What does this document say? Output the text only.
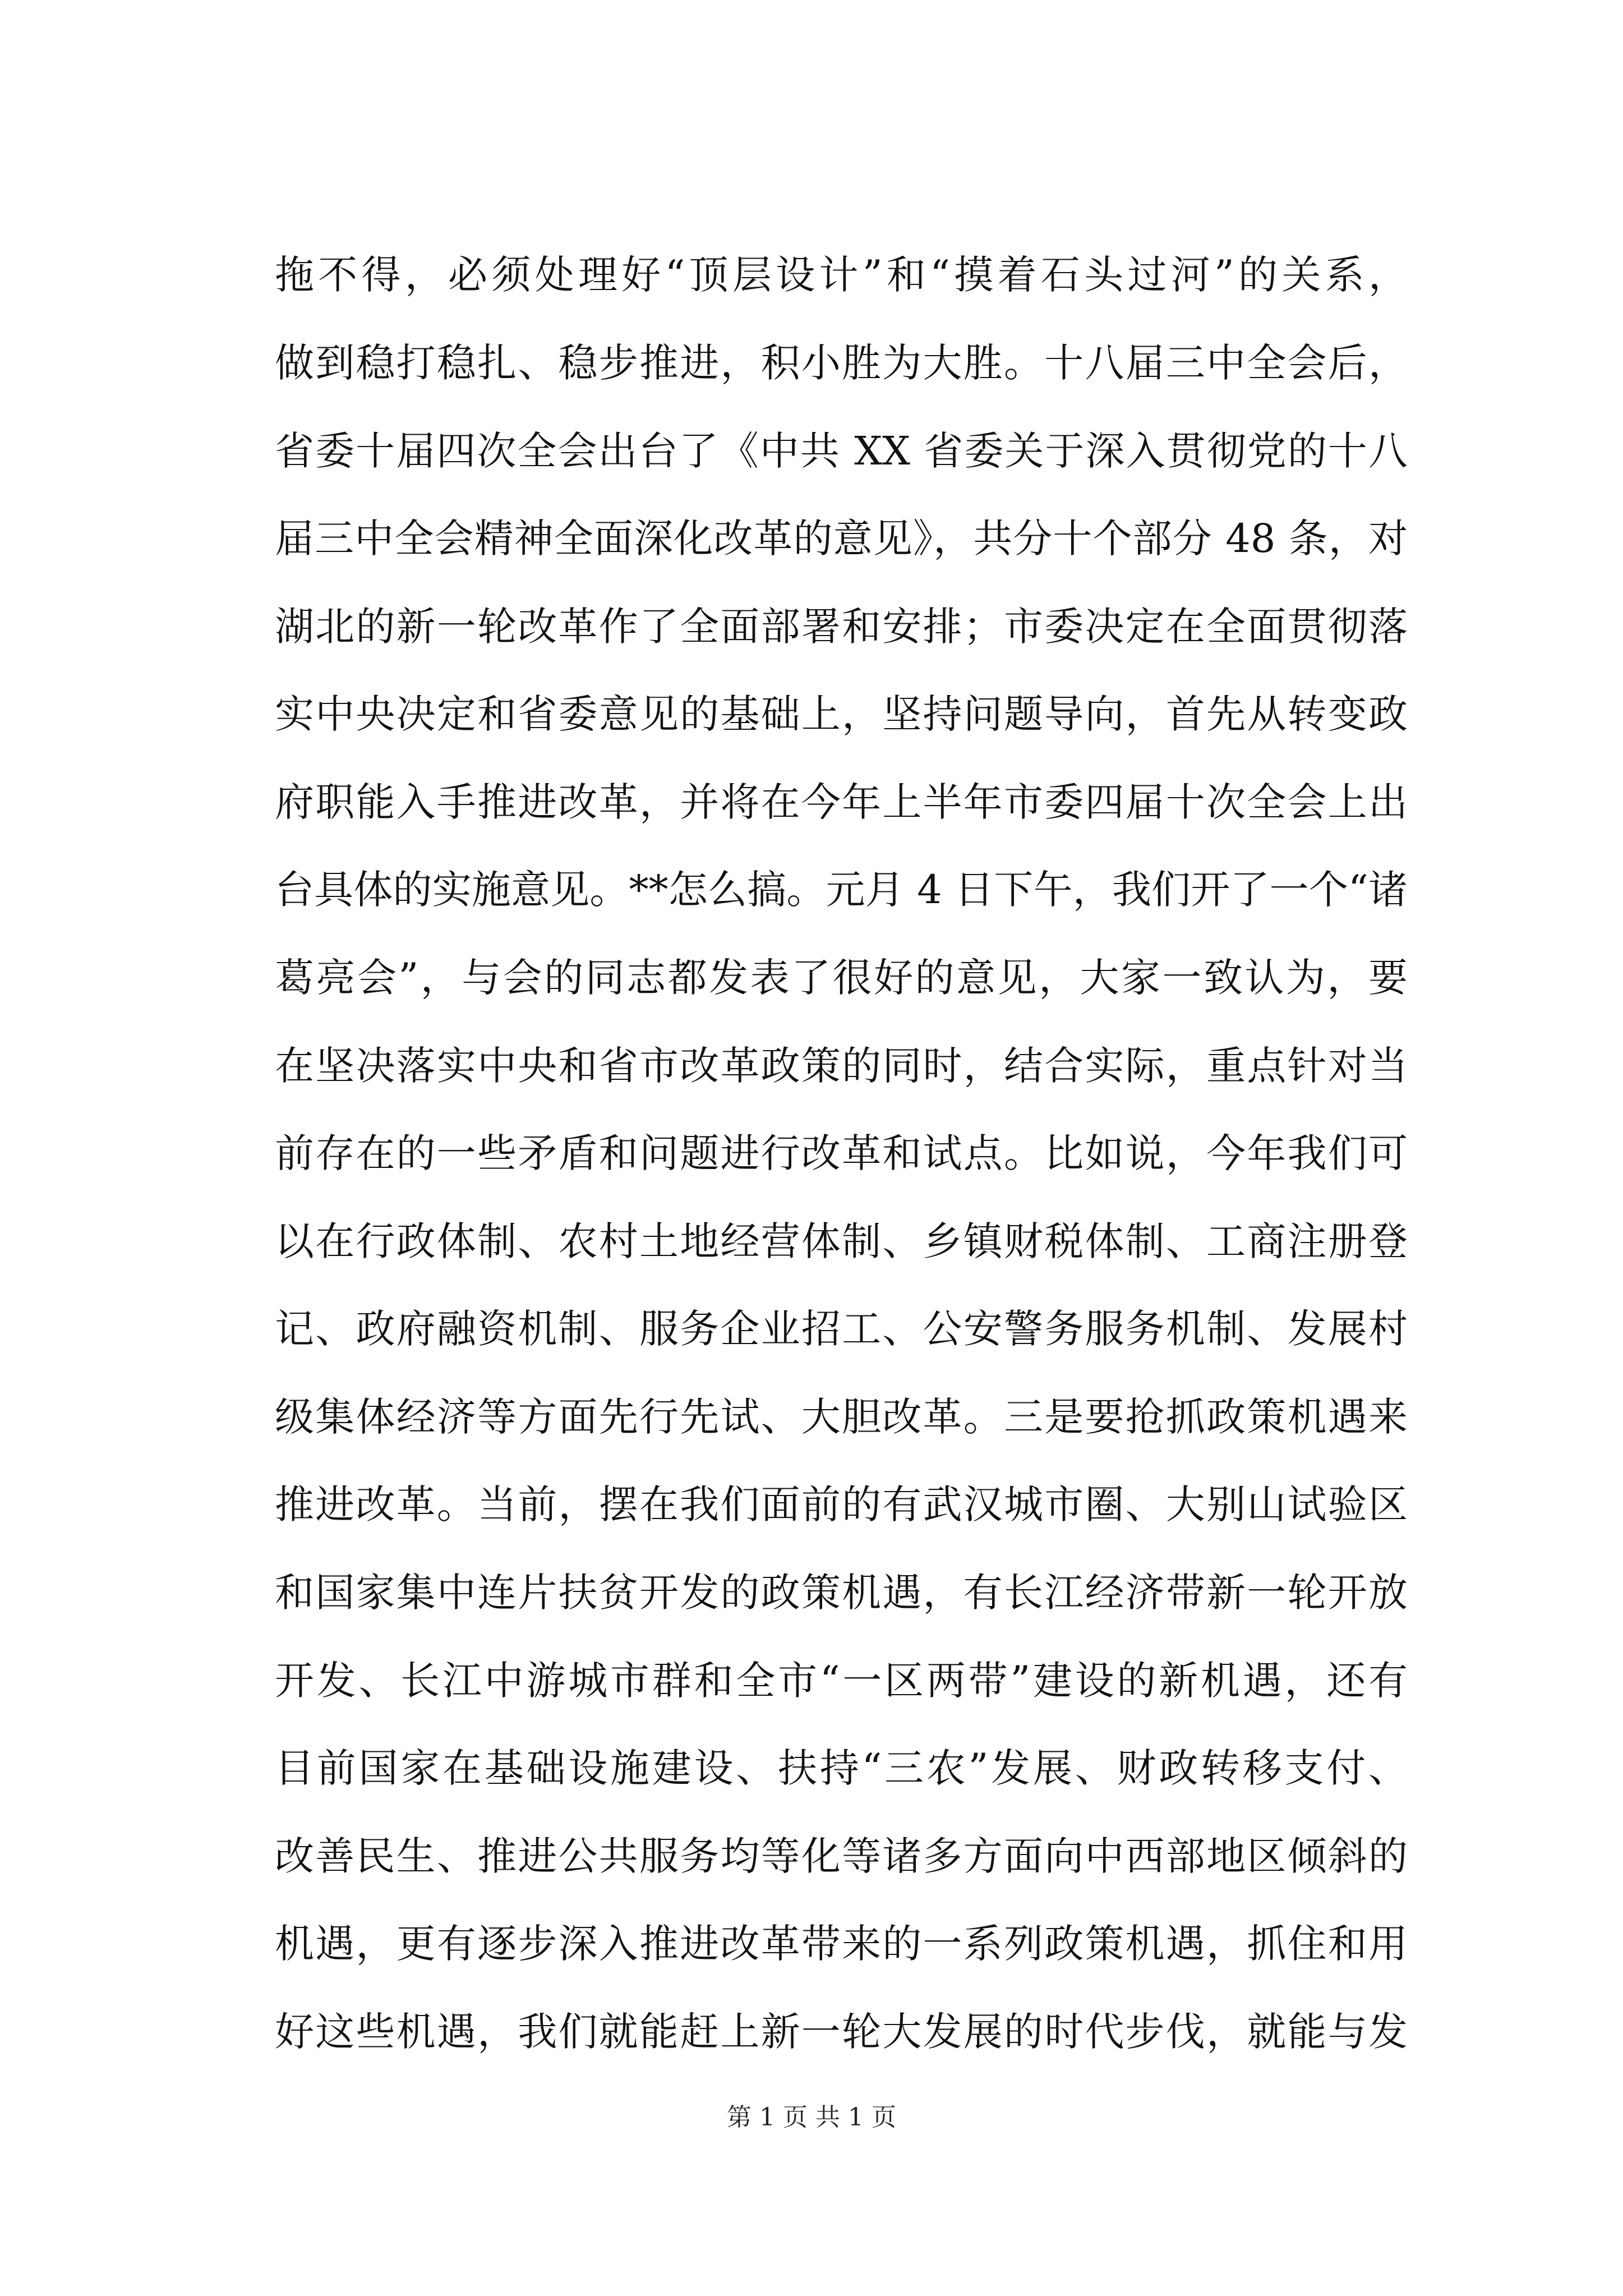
拖不得，必须处理好“顶层设计”和“摸着石头过河”的关系，
做到稳打稳扎、稳步推进，积小胜为大胜。十八届三中全会后，
省委十届四次全会出台了《中共 XX 省委关于深入贯彻党的十八
届三中全会精神全面深化改革的意见》，共分十个部分 48 条，对
湖北的新一轮改革作了全面部署和安排；市委决定在全面贯彻落
实中央决定和省委意见的基础上，坚持问题导向，首先从转变政
府职能入手推进改革，并将在今年上半年市委四届十次全会上出
台具体的实施意见。**怎么搞。元月 4 日下午，我们开了一个“诸
葛亮会”，与会的同志都发表了很好的意见，大家一致认为，要
在坚决落实中央和省市改革政策的同时，结合实际，重点针对当
前存在的一些矛盾和问题进行改革和试点。比如说，今年我们可
以在行政体制、农村土地经营体制、乡镇财税体制、工商注册登
记、政府融资机制、服务企业招工、公安警务服务机制、发展村
级集体经济等方面先行先试、大胆改革。三是要抢抓政策机遇来
推进改革。当前，摆在我们面前的有武汉城市圈、大别山试验区
和国家集中连片扶贫开发的政策机遇，有长江经济带新一轮开放
开发、长江中游城市群和全市“一区两带”建设的新机遇，还有
目前国家在基础设施建设、扶持“三农”发展、财政转移支付、
改善民生、推进公共服务均等化等诸多方面向中西部地区倾斜的
机遇，更有逐步深入推进改革带来的一系列政策机遇，抓住和用
好这些机遇，我们就能赶上新一轮大发展的时代步伐，就能与发
第 1 页 共 1 页
